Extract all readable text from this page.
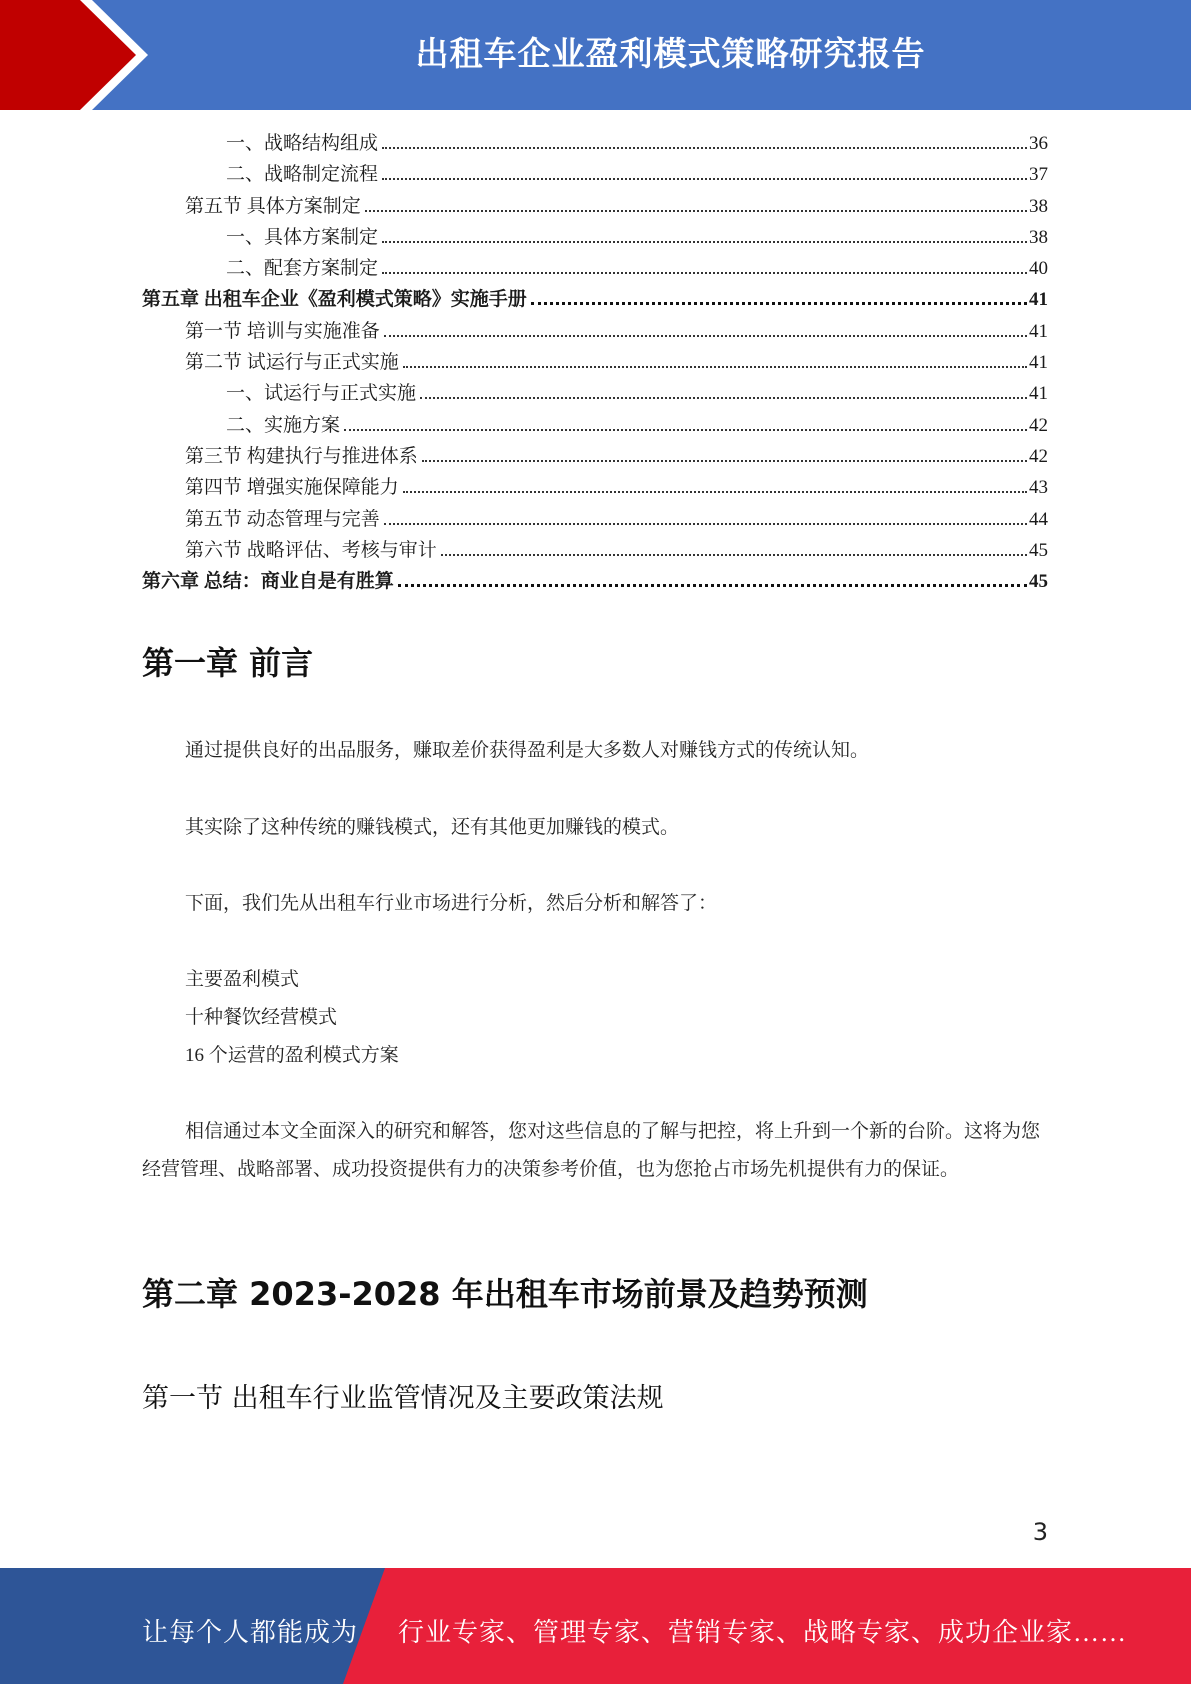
出租车企业盈利模式策略研究报告
一、战略结构组成	36
二、战略制定流程	37
第五节 具体方案制定	38
一、具体方案制定	38
二、配套方案制定	40
第五章 出租车企业《盈利模式策略》实施手册	41
第一节 培训与实施准备	41
第二节 试运行与正式实施	41
一、试运行与正式实施	41
二、实施方案	42
第三节 构建执行与推进体系	42
第四节 增强实施保障能力	43
第五节 动态管理与完善	44
第六节 战略评估、考核与审计	45
第六章 总结：商业自是有胜算	45
第一章 前言
通过提供良好的出品服务，赚取差价获得盈利是大多数人对赚钱方式的传统认知。
其实除了这种传统的赚钱模式，还有其他更加赚钱的模式。
下面，我们先从出租车行业市场进行分析，然后分析和解答了：
主要盈利模式
十种餐饮经营模式
16 个运营的盈利模式方案
相信通过本文全面深入的研究和解答，您对这些信息的了解与把控，将上升到一个新的台阶。这将为您经营管理、战略部署、成功投资提供有力的决策参考价值，也为您抢占市场先机提供有力的保证。
第二章 2023-2028 年出租车市场前景及趋势预测
第一节 出租车行业监管情况及主要政策法规
3
让每个人都能成为 行业专家、管理专家、营销专家、战略专家、成功企业家……
